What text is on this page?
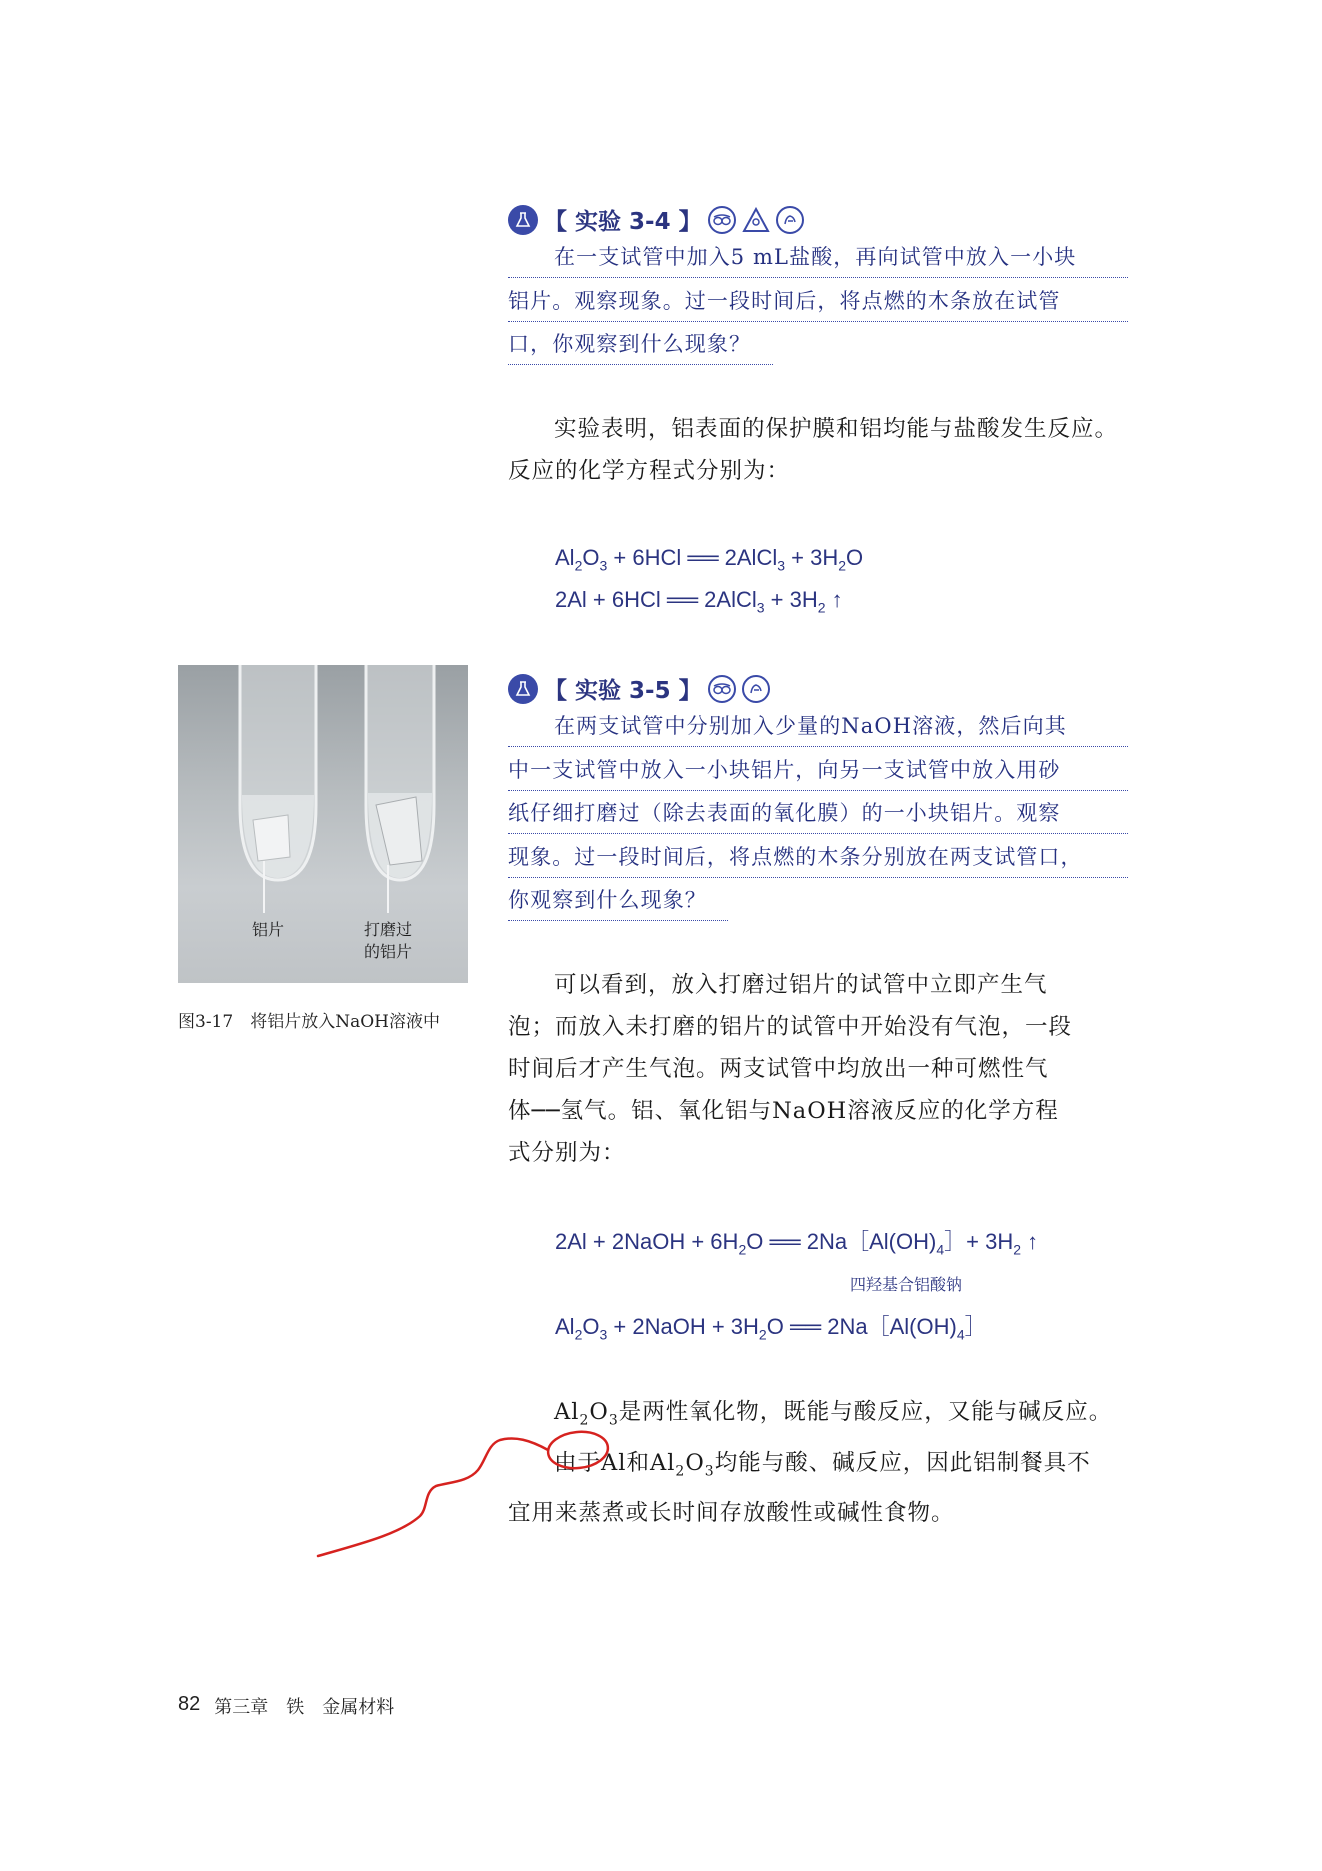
【 实验 3-4 】
在一支试管中加入5 mL盐酸，再向试管中放入一小块
铝片。观察现象。过一段时间后，将点燃的木条放在试管
口，你观察到什么现象？
实验表明，铝表面的保护膜和铝均能与盐酸发生反应。
反应的化学方程式分别为：
$Al_2O_3 + 6HCl$ ══ 2AlCl$_3$ + $3H_2O$
2Al + 6HCl ══ 2AlCl$_3$ + $3H_2$ ↑
铝片	打磨过
的铝片
图3-17　将铝片放入NaOH溶液中
【 实验 3-5 】
在两支试管中分别加入少量的NaOH溶液，然后向其
中一支试管中放入一小块铝片，向另一支试管中放入用砂
纸仔细打磨过（除去表面的氧化膜）的一小块铝片。观察
现象。过一段时间后，将点燃的木条分别放在两支试管口，
你观察到什么现象？
可以看到，放入打磨过铝片的试管中立即产生气
泡；而放入未打磨的铝片的试管中开始没有气泡，一段
时间后才产生气泡。两支试管中均放出一种可燃性气
体──氢气。铝、氧化铝与NaOH溶液反应的化学方程
式分别为：
2Al + 2NaOH + $6H_2O$ ══ $2Na[Al(OH)_4]+ 3H_2$ ↑
四羟基合铝酸钠
$Al_2O_3$ + 2NaOH + $3H_2O$ ══ $2Na[Al(OH)_4]$
$Al_2O_3$是两性氧化物，既能与酸反应，又能与碱反应。
由于Al和$Al_2O_3$均能与酸、碱反应，因此铝制餐具不
宜用来蒸煮或长时间存放酸性或碱性食物。
82 第三章　铁　金属材料
